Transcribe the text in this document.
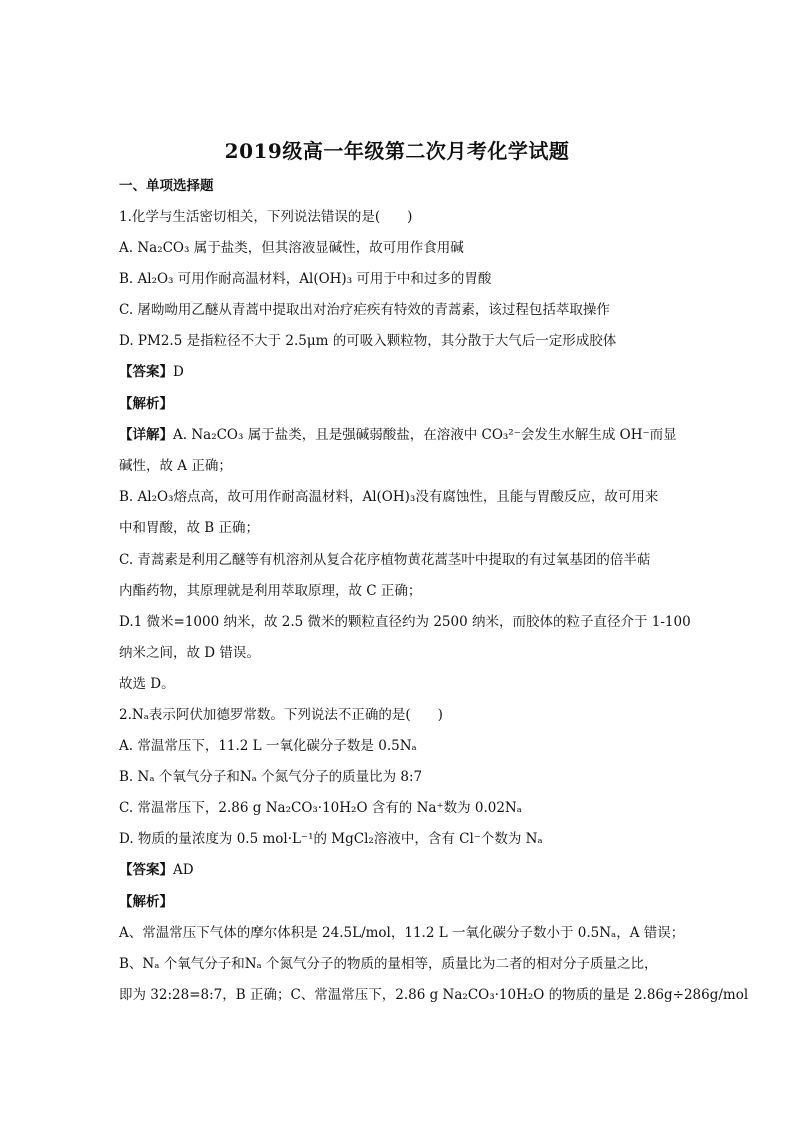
2019级高一年级第二次月考化学试题
一、单项选择题
1.化学与生活密切相关，下列说法错误的是(　　)
A. Na₂CO₃ 属于盐类，但其溶液显碱性，故可用作食用碱
B. Al₂O₃ 可用作耐高温材料，Al(OH)₃ 可用于中和过多的胃酸
C. 屠呦呦用乙醚从青蒿中提取出对治疗疟疾有特效的青蒿素，该过程包括萃取操作
D. PM2.5 是指粒径不大于 2.5μm 的可吸入颗粒物，其分散于大气后一定形成胶体
【答案】D
【解析】
【详解】A. Na₂CO₃ 属于盐类，且是强碱弱酸盐，在溶液中 CO₃²⁻会发生水解生成 OH⁻而显
碱性，故 A 正确；
B. Al₂O₃熔点高，故可用作耐高温材料，Al(OH)₃没有腐蚀性，且能与胃酸反应，故可用来
中和胃酸，故 B 正确；
C. 青蒿素是利用乙醚等有机溶剂从复合花序植物黄花蒿茎叶中提取的有过氧基团的倍半萜
内酯药物，其原理就是利用萃取原理，故 C 正确；
D.1 微米=1000 纳米，故 2.5 微米的颗粒直径约为 2500 纳米，而胶体的粒子直径介于 1-100
纳米之间，故 D 错误。
故选 D。
2.Nₐ表示阿伏加德罗常数。下列说法不正确的是(　　)
A. 常温常压下，11.2 L 一氧化碳分子数是 0.5Nₐ
B. Nₐ 个氧气分子和Nₐ 个氮气分子的质量比为 8:7
C. 常温常压下，2.86 g Na₂CO₃·10H₂O 含有的 Na⁺数为 0.02Nₐ
D. 物质的量浓度为 0.5 mol·L⁻¹的 MgCl₂溶液中，含有 Cl⁻个数为 Nₐ
【答案】AD
【解析】
A、常温常压下气体的摩尔体积是 24.5L/mol，11.2 L 一氧化碳分子数小于 0.5Nₐ，A 错误；
B、Nₐ 个氧气分子和Nₐ 个氮气分子的物质的量相等，质量比为二者的相对分子质量之比，
即为 32:28=8:7，B 正确；C、常温常压下，2.86 g Na₂CO₃·10H₂O 的物质的量是 2.86g÷286g/mol
